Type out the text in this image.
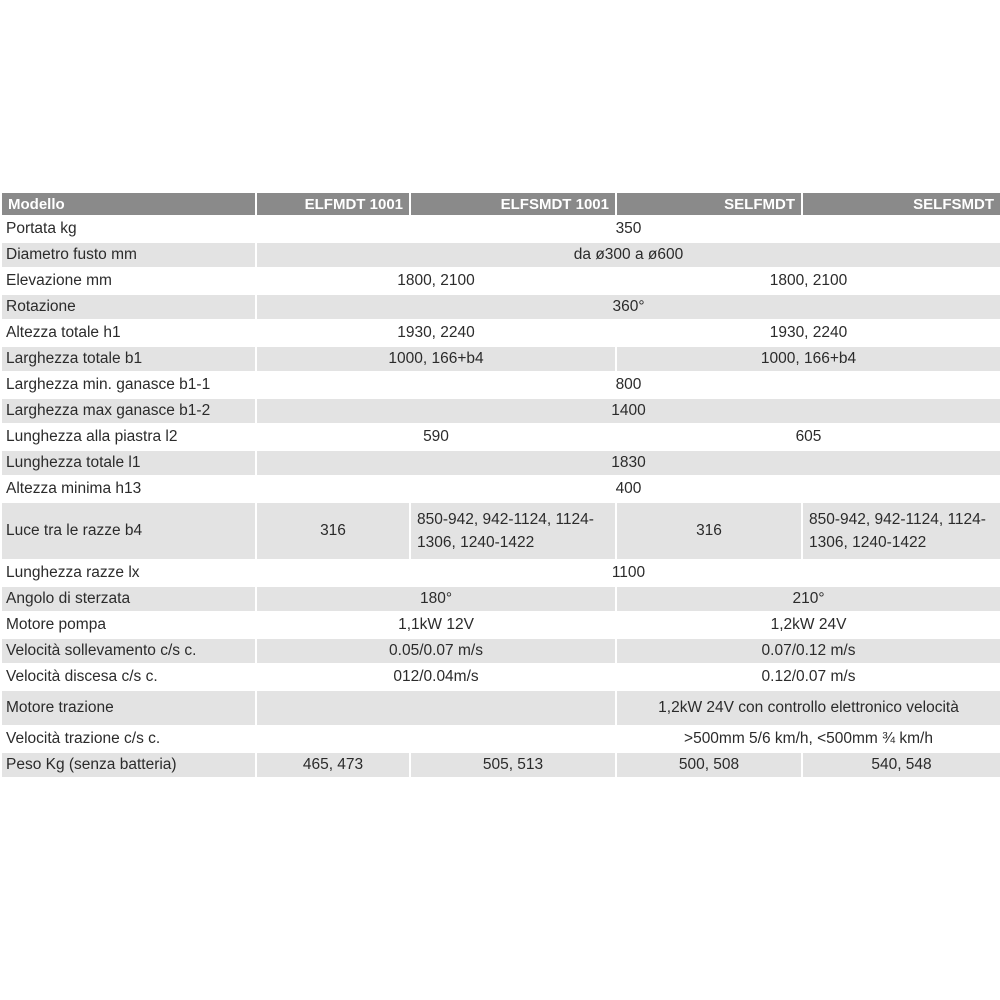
Modello	ELFMDT 1001	ELFSMDT 1001	SELFMDT	SELFSMDT
Portata kg	350			
Diametro fusto mm	da ø300 a ø600			
Elevazione mm	1800, 2100		1800, 2100	
Rotazione	360°			
Altezza totale h1	1930, 2240		1930, 2240	
Larghezza totale b1	1000, 166+b4		1000, 166+b4	
Larghezza min. ganasce b1-1	800			
Larghezza max ganasce b1-2	1400			
Lunghezza alla piastra l2	590		605	
Lunghezza totale l1	1830			
Altezza minima h13	400			
Luce tra le razze b4	316	850-942, 942-1124, 1124-1306, 1240-1422	316	850-942, 942-1124, 1124-1306, 1240-1422
Lunghezza razze lx	1100			
Angolo di sterzata	180°		210°	
Motore pompa	1,1kW 12V		1,2kW 24V	
Velocità sollevamento c/s c.	0.05/0.07 m/s		0.07/0.12 m/s	
Velocità discesa c/s c.	012/0.04m/s		0.12/0.07 m/s	
Motore trazione			1,2kW 24V con controllo elettronico velocità	
Velocità trazione c/s c.			>500mm 5/6 km/h, <500mm ¾ km/h	
Peso Kg (senza batteria)	465, 473	505, 513	500, 508	540, 548
